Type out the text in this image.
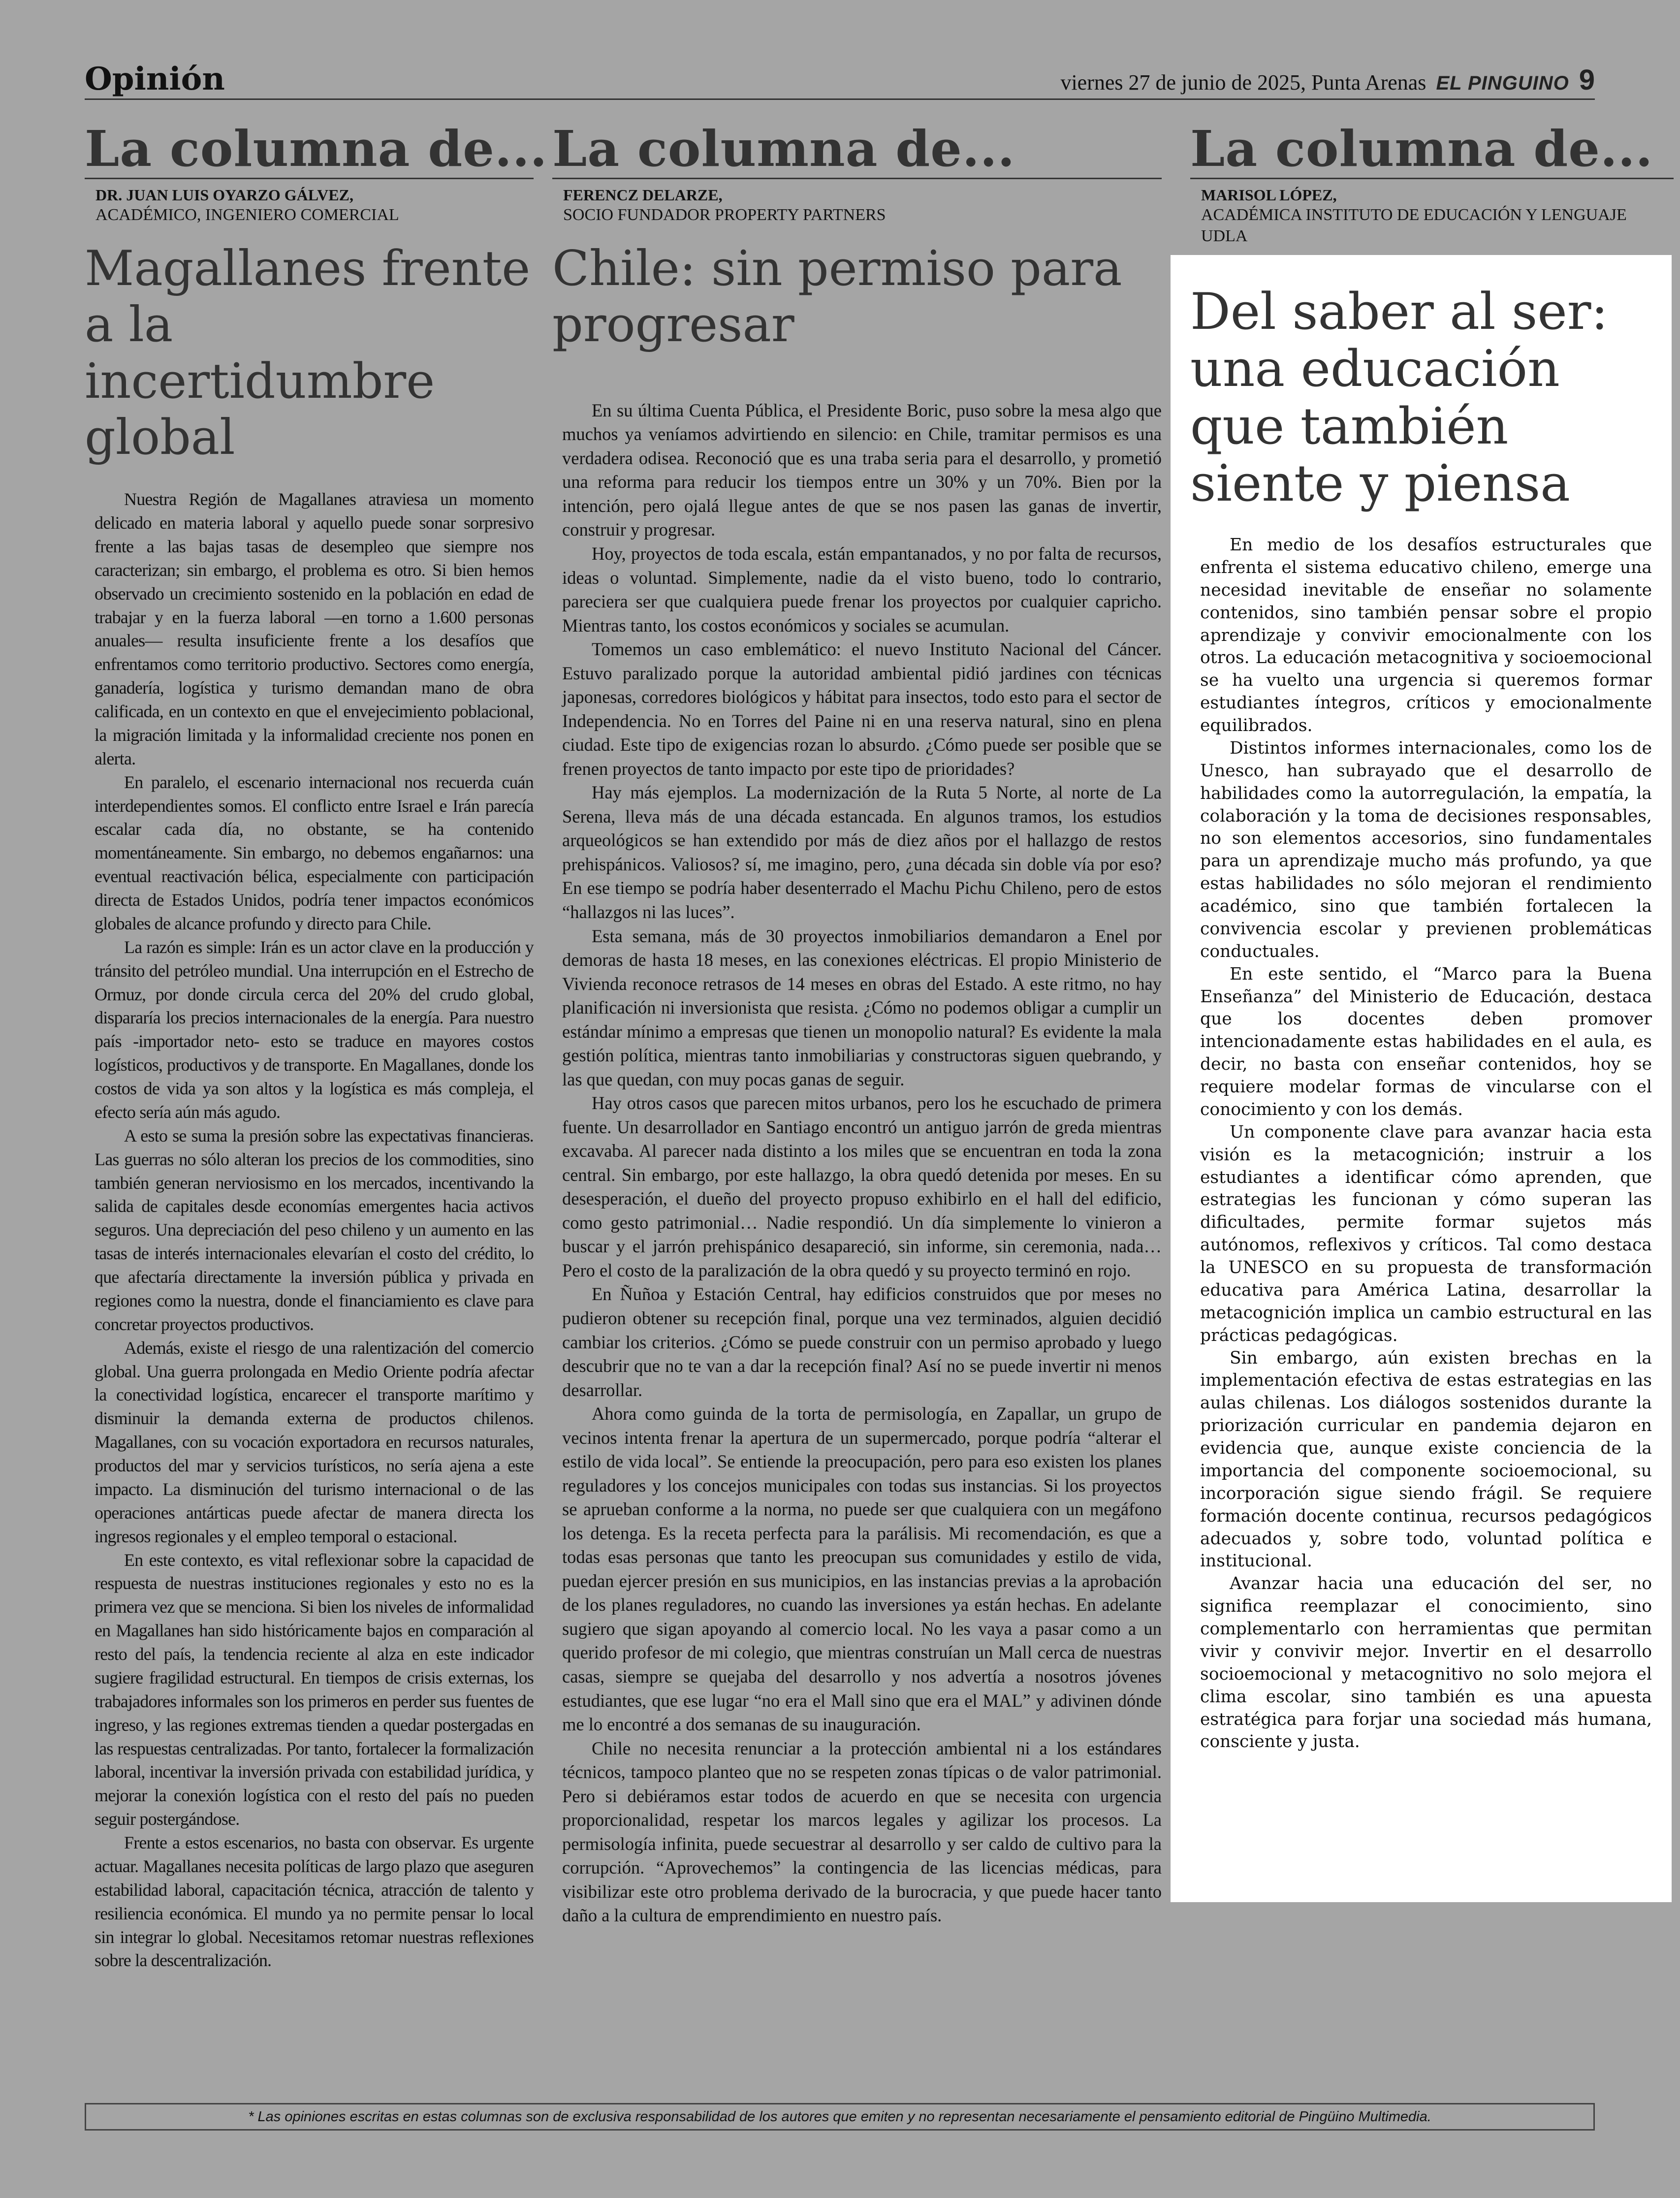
Opinión	viernes 27 de junio de 2025, Punta Arenas EL PINGUINO 9
La columna de...
DR. JUAN LUIS OYARZO GÁLVEZ,
ACADÉMICO, INGENIERO COMERCIAL
Magallanes frente a la incertidumbre global

Nuestra Región de Magallanes atraviesa un momento delicado en materia laboral y aquello puede sonar sorpresivo frente a las bajas tasas de desempleo que siempre nos caracterizan; sin embargo, el problema es otro. Si bien hemos observado un crecimiento sostenido en la población en edad de trabajar y en la fuerza laboral —en torno a 1.600 personas anuales— resulta insuficiente frente a los desafíos que enfrentamos como territorio productivo. Sectores como energía, ganadería, logística y turismo demandan mano de obra calificada, en un contexto en que el envejecimiento poblacional, la migración limitada y la informalidad creciente nos ponen en alerta.

En paralelo, el escenario internacional nos recuerda cuán interdependientes somos. El conflicto entre Israel e Irán parecía escalar cada día, no obstante, se ha contenido momentáneamente. Sin embargo, no debemos engañarnos: una eventual reactivación bélica, especialmente con participación directa de Estados Unidos, podría tener impactos económicos globales de alcance profundo y directo para Chile.

La razón es simple: Irán es un actor clave en la producción y tránsito del petróleo mundial. Una interrupción en el Estrecho de Ormuz, por donde circula cerca del 20% del crudo global, dispararía los precios internacionales de la energía. Para nuestro país -importador neto- esto se traduce en mayores costos logísticos, productivos y de transporte. En Magallanes, donde los costos de vida ya son altos y la logística es más compleja, el efecto sería aún más agudo.

A esto se suma la presión sobre las expectativas financieras. Las guerras no sólo alteran los precios de los commodities, sino también generan nerviosismo en los mercados, incentivando la salida de capitales desde economías emergentes hacia activos seguros. Una depreciación del peso chileno y un aumento en las tasas de interés internacionales elevarían el costo del crédito, lo que afectaría directamente la inversión pública y privada en regiones como la nuestra, donde el financiamiento es clave para concretar proyectos productivos.

Además, existe el riesgo de una ralentización del comercio global. Una guerra prolongada en Medio Oriente podría afectar la conectividad logística, encarecer el transporte marítimo y disminuir la demanda externa de productos chilenos. Magallanes, con su vocación exportadora en recursos naturales, productos del mar y servicios turísticos, no sería ajena a este impacto. La disminución del turismo internacional o de las operaciones antárticas puede afectar de manera directa los ingresos regionales y el empleo temporal o estacional.

En este contexto, es vital reflexionar sobre la capacidad de respuesta de nuestras instituciones regionales y esto no es la primera vez que se menciona. Si bien los niveles de informalidad en Magallanes han sido históricamente bajos en comparación al resto del país, la tendencia reciente al alza en este indicador sugiere fragilidad estructural. En tiempos de crisis externas, los trabajadores informales son los primeros en perder sus fuentes de ingreso, y las regiones extremas tienden a quedar postergadas en las respuestas centralizadas. Por tanto, fortalecer la formalización laboral, incentivar la inversión privada con estabilidad jurídica, y mejorar la conexión logística con el resto del país no pueden seguir postergándose.

Frente a estos escenarios, no basta con observar. Es urgente actuar. Magallanes necesita políticas de largo plazo que aseguren estabilidad laboral, capacitación técnica, atracción de talento y resiliencia económica. El mundo ya no permite pensar lo local sin integrar lo global. Necesitamos retomar nuestras reflexiones sobre la descentralización.

La columna de...
FERENCZ DELARZE,
SOCIO FUNDADOR PROPERTY PARTNERS
Chile: sin permiso para progresar

En su última Cuenta Pública, el Presidente Boric, puso sobre la mesa algo que muchos ya veníamos advirtiendo en silencio: en Chile, tramitar permisos es una verdadera odisea. Reconoció que es una traba seria para el desarrollo, y prometió una reforma para reducir los tiempos entre un 30% y un 70%. Bien por la intención, pero ojalá llegue antes de que se nos pasen las ganas de invertir, construir y progresar.

Hoy, proyectos de toda escala, están empantanados, y no por falta de recursos, ideas o voluntad. Simplemente, nadie da el visto bueno, todo lo contrario, pareciera ser que cualquiera puede frenar los proyectos por cualquier capricho. Mientras tanto, los costos económicos y sociales se acumulan.

Tomemos un caso emblemático: el nuevo Instituto Nacional del Cáncer. Estuvo paralizado porque la autoridad ambiental pidió jardines con técnicas japonesas, corredores biológicos y hábitat para insectos, todo esto para el sector de Independencia. No en Torres del Paine ni en una reserva natural, sino en plena ciudad. Este tipo de exigencias rozan lo absurdo. ¿Cómo puede ser posible que se frenen proyectos de tanto impacto por este tipo de prioridades?

Hay más ejemplos. La modernización de la Ruta 5 Norte, al norte de La Serena, lleva más de una década estancada. En algunos tramos, los estudios arqueológicos se han extendido por más de diez años por el hallazgo de restos prehispánicos. Valiosos? sí, me imagino, pero, ¿una década sin doble vía por eso? En ese tiempo se podría haber desenterrado el Machu Pichu Chileno, pero de estos “hallazgos ni las luces”.

Esta semana, más de 30 proyectos inmobiliarios demandaron a Enel por demoras de hasta 18 meses, en las conexiones eléctricas. El propio Ministerio de Vivienda reconoce retrasos de 14 meses en obras del Estado. A este ritmo, no hay planificación ni inversionista que resista. ¿Cómo no podemos obligar a cumplir un estándar mínimo a empresas que tienen un monopolio natural? Es evidente la mala gestión política, mientras tanto inmobiliarias y constructoras siguen quebrando, y las que quedan, con muy pocas ganas de seguir.

Hay otros casos que parecen mitos urbanos, pero los he escuchado de primera fuente. Un desarrollador en Santiago encontró un antiguo jarrón de greda mientras excavaba. Al parecer nada distinto a los miles que se encuentran en toda la zona central. Sin embargo, por este hallazgo, la obra quedó detenida por meses. En su desesperación, el dueño del proyecto propuso exhibirlo en el hall del edificio, como gesto patrimonial… Nadie respondió. Un día simplemente lo vinieron a buscar y el jarrón prehispánico desapareció, sin informe, sin ceremonia, nada… Pero el costo de la paralización de la obra quedó y su proyecto terminó en rojo.

En Ñuñoa y Estación Central, hay edificios construidos que por meses no pudieron obtener su recepción final, porque una vez terminados, alguien decidió cambiar los criterios. ¿Cómo se puede construir con un permiso aprobado y luego descubrir que no te van a dar la recepción final? Así no se puede invertir ni menos desarrollar.

Ahora como guinda de la torta de permisología, en Zapallar, un grupo de vecinos intenta frenar la apertura de un supermercado, porque podría “alterar el estilo de vida local”. Se entiende la preocupación, pero para eso existen los planes reguladores y los concejos municipales con todas sus instancias. Si los proyectos se aprueban conforme a la norma, no puede ser que cualquiera con un megáfono los detenga. Es la receta perfecta para la parálisis. Mi recomendación, es que a todas esas personas que tanto les preocupan sus comunidades y estilo de vida, puedan ejercer presión en sus municipios, en las instancias previas a la aprobación de los planes reguladores, no cuando las inversiones ya están hechas. En adelante sugiero que sigan apoyando al comercio local. No les vaya a pasar como a un querido profesor de mi colegio, que mientras construían un Mall cerca de nuestras casas, siempre se quejaba del desarrollo y nos advertía a nosotros jóvenes estudiantes, que ese lugar “no era el Mall sino que era el MAL” y adivinen dónde me lo encontré a dos semanas de su inauguración.

Chile no necesita renunciar a la protección ambiental ni a los estándares técnicos, tampoco planteo que no se respeten zonas típicas o de valor patrimonial. Pero si debiéramos estar todos de acuerdo en que se necesita con urgencia proporcionalidad, respetar los marcos legales y agilizar los procesos. La permisología infinita, puede secuestrar al desarrollo y ser caldo de cultivo para la corrupción. “Aprovechemos” la contingencia de las licencias médicas, para visibilizar este otro problema derivado de la burocracia, y que puede hacer tanto daño a la cultura de emprendimiento en nuestro país.

La columna de...
MARISOL LÓPEZ,
ACADÉMICA INSTITUTO DE EDUCACIÓN Y LENGUAJE UDLA
Del saber al ser: una educación que también siente y piensa

En medio de los desafíos estructurales que enfrenta el sistema educativo chileno, emerge una necesidad inevitable de enseñar no solamente contenidos, sino también pensar sobre el propio aprendizaje y convivir emocionalmente con los otros. La educación metacognitiva y socioemocional se ha vuelto una urgencia si queremos formar estudiantes íntegros, críticos y emocionalmente equilibrados.

Distintos informes internacionales, como los de Unesco, han subrayado que el desarrollo de habilidades como la autorregulación, la empatía, la colaboración y la toma de decisiones responsables, no son elementos accesorios, sino fundamentales para un aprendizaje mucho más profundo, ya que estas habilidades no sólo mejoran el rendimiento académico, sino que también fortalecen la convivencia escolar y previenen problemáticas conductuales.

En este sentido, el “Marco para la Buena Enseñanza” del Ministerio de Educación, destaca que los docentes deben promover intencionadamente estas habilidades en el aula, es decir, no basta con enseñar contenidos, hoy se requiere modelar formas de vincularse con el conocimiento y con los demás.

Un componente clave para avanzar hacia esta visión es la metacognición; instruir a los estudiantes a identificar cómo aprenden, que estrategias les funcionan y cómo superan las dificultades, permite formar sujetos más autónomos, reflexivos y críticos. Tal como destaca la UNESCO en su propuesta de transformación educativa para América Latina, desarrollar la metacognición implica un cambio estructural en las prácticas pedagógicas.

Sin embargo, aún existen brechas en la implementación efectiva de estas estrategias en las aulas chilenas. Los diálogos sostenidos durante la priorización curricular en pandemia dejaron en evidencia que, aunque existe conciencia de la importancia del componente socioemocional, su incorporación sigue siendo frágil. Se requiere formación docente continua, recursos pedagógicos adecuados y, sobre todo, voluntad política e institucional.

Avanzar hacia una educación del ser, no significa reemplazar el conocimiento, sino complementarlo con herramientas que permitan vivir y convivir mejor. Invertir en el desarrollo socioemocional y metacognitivo no solo mejora el clima escolar, sino también es una apuesta estratégica para forjar una sociedad más humana, consciente y justa.

* Las opiniones escritas en estas columnas son de exclusiva responsabilidad de los autores que emiten y no representan necesariamente el pensamiento editorial de Pingüino Multimedia.
